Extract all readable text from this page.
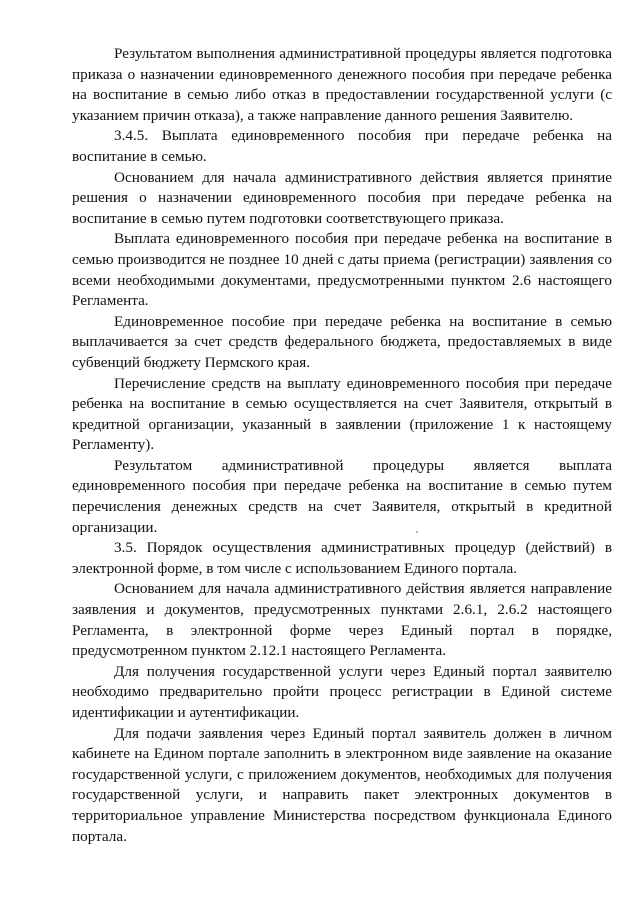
Результатом выполнения административной процедуры является подготовка приказа о назначении единовременного денежного пособия при передаче ребенка на воспитание в семью либо отказ в предоставлении государственной услуги (с указанием причин отказа), а также направление данного решения Заявителю.

3.4.5. Выплата единовременного пособия при передаче ребенка на воспитание в семью.

Основанием для начала административного действия является принятие решения о назначении единовременного пособия при передаче ребенка на воспитание в семью путем подготовки соответствующего приказа.

Выплата единовременного пособия при передаче ребенка на воспитание в семью производится не позднее 10 дней с даты приема (регистрации) заявления со всеми необходимыми документами, предусмотренными пунктом 2.6 настоящего Регламента.

Единовременное пособие при передаче ребенка на воспитание в семью выплачивается за счет средств федерального бюджета, предоставляемых в виде субвенций бюджету Пермского края.

Перечисление средств на выплату единовременного пособия при передаче ребенка на воспитание в семью осуществляется на счет Заявителя, открытый в кредитной организации, указанный в заявлении (приложение 1 к настоящему Регламенту).

Результатом административной процедуры является выплата единовременного пособия при передаче ребенка на воспитание в семью путем перечисления денежных средств на счет Заявителя, открытый в кредитной организации.

3.5. Порядок осуществления административных процедур (действий) в электронной форме, в том числе с использованием Единого портала.

Основанием для начала административного действия является направление заявления и документов, предусмотренных пунктами 2.6.1, 2.6.2 настоящего Регламента, в электронной форме через Единый портал в порядке, предусмотренном пунктом 2.12.1 настоящего Регламента.

Для получения государственной услуги через Единый портал заявителю необходимо предварительно пройти процесс регистрации в Единой системе идентификации и аутентификации.

Для подачи заявления через Единый портал заявитель должен в личном кабинете на Едином портале заполнить в электронном виде заявление на оказание государственной услуги, с приложением документов, необходимых для получения государственной услуги, и направить пакет электронных документов в территориальное управление Министерства посредством функционала Единого портала.
